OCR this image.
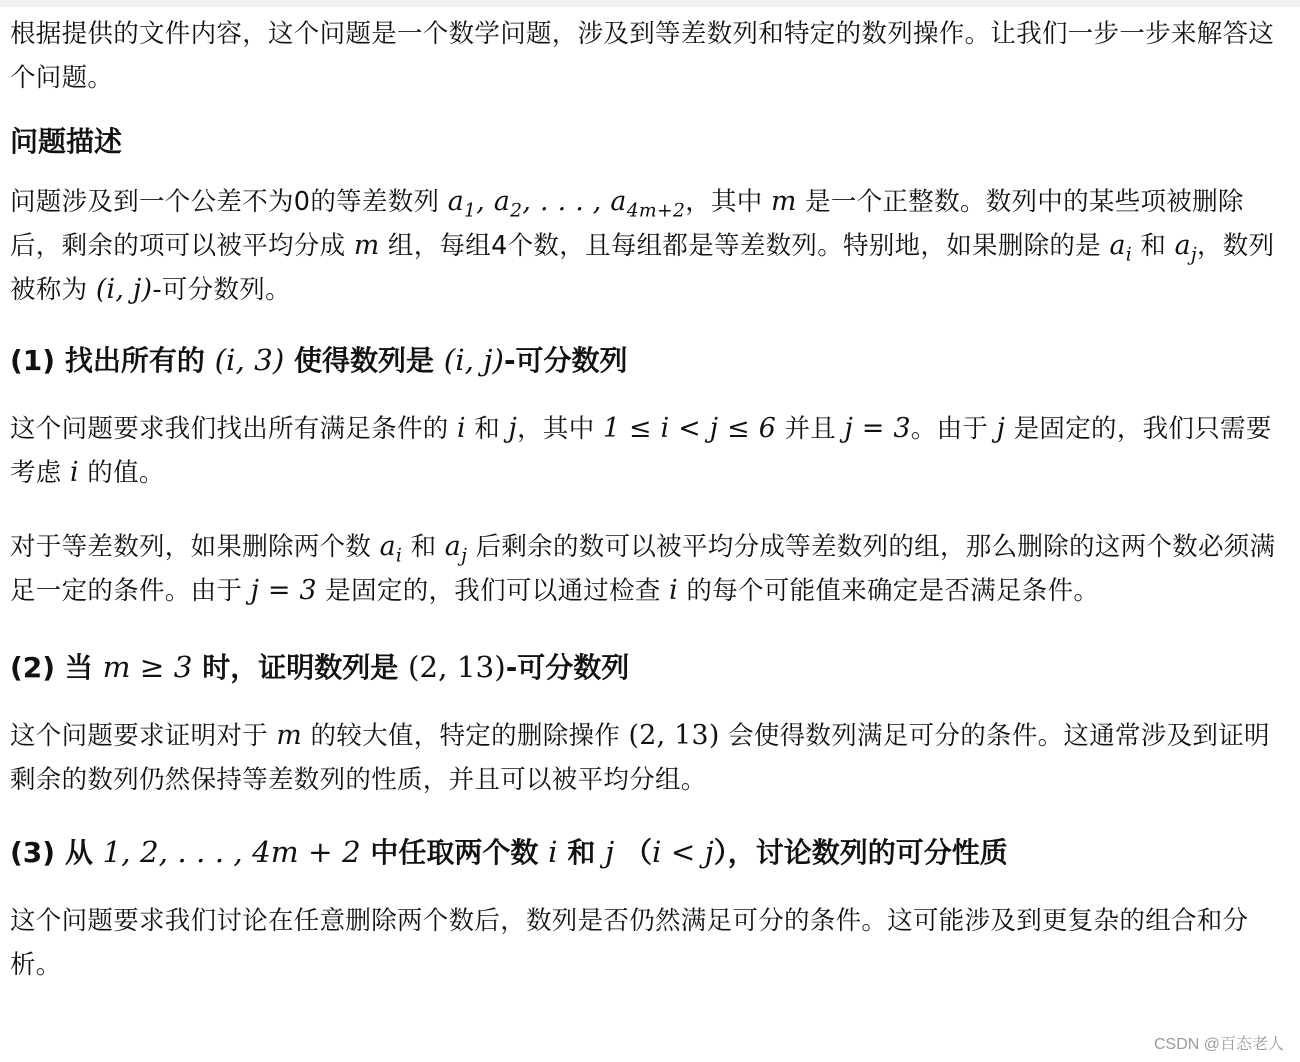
根据提供的文件内容，这个问题是一个数学问题，涉及到等差数列和特定的数列操作。让我们一步一步来解答这个问题。

问题描述

问题涉及到一个公差不为0的等差数列 $a_1$, $a_2$, . . . , $a_{4m+2}$，其中 m 是一个正整数。数列中的某些项被删除后，剩余的项可以被平均分成 m 组，每组4个数，且每组都是等差数列。特别地，如果删除的是 $a_i$ 和 $a_j$，数列被称为 (i, j)-可分数列。

(1) 找出所有的 (i, 3) 使得数列是 (i, j)-可分数列

这个问题要求我们找出所有满足条件的 i 和 j，其中 1 ≤ i < j ≤ 6 并且 j = 3。由于 j 是固定的，我们只需要考虑 i 的值。

对于等差数列，如果删除两个数 $a_i$ 和 $a_j$ 后剩余的数可以被平均分成等差数列的组，那么删除的这两个数必须满足一定的条件。由于 j = 3 是固定的，我们可以通过检查 i 的每个可能值来确定是否满足条件。

(2) 当 m ≥ 3 时，证明数列是 (2, 13)-可分数列

这个问题要求证明对于 m 的较大值，特定的删除操作 (2, 13) 会使得数列满足可分的条件。这通常涉及到证明剩余的数列仍然保持等差数列的性质，并且可以被平均分组。

(3) 从 1, 2, . . . , 4m + 2 中任取两个数 i 和 j （i < j），讨论数列的可分性质

这个问题要求我们讨论在任意删除两个数后，数列是否仍然满足可分的条件。这可能涉及到更复杂的组合和分析。

CSDN @百态老人
